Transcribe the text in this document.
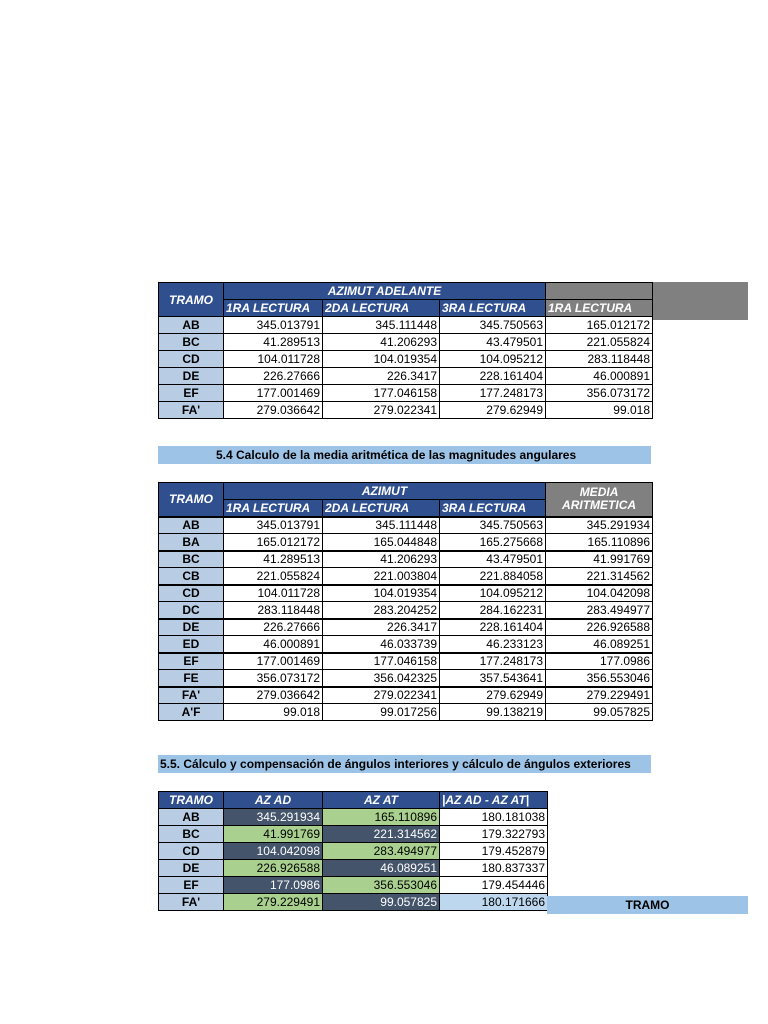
TRAMO	AZIMUT ADELANTE			
	1RA LECTURA	2DA LECTURA	3RA LECTURA	1RA LECTURA
AB	345.013791	345.111448	345.750563	165.012172
BC	41.289513	41.206293	43.479501	221.055824
CD	104.011728	104.019354	104.095212	283.118448
DE	226.27666	226.3417	228.161404	46.000891
EF	177.001469	177.046158	177.248173	356.073172
FA'	279.036642	279.022341	279.62949	99.018
5.4 Calculo de la media aritmética de las magnitudes angulares
TRAMO	AZIMUT			MEDIA ARITMETICA
	1RA LECTURA	2DA LECTURA	3RA LECTURA	
AB	345.013791	345.111448	345.750563	345.291934
BA	165.012172	165.044848	165.275668	165.110896
BC	41.289513	41.206293	43.479501	41.991769
CB	221.055824	221.003804	221.884058	221.314562
CD	104.011728	104.019354	104.095212	104.042098
DC	283.118448	283.204252	284.162231	283.494977
DE	226.27666	226.3417	228.161404	226.926588
ED	46.000891	46.033739	46.233123	46.089251
EF	177.001469	177.046158	177.248173	177.0986
FE	356.073172	356.042325	357.543641	356.553046
FA'	279.036642	279.022341	279.62949	279.229491
A'F	99.018	99.017256	99.138219	99.057825
5.5. Cálculo y compensación de ángulos interiores y cálculo de ángulos exteriores
TRAMO	AZ AD	AZ AT	|AZ AD - AZ AT|
AB	345.291934	165.110896	180.181038
BC	41.991769	221.314562	179.322793
CD	104.042098	283.494977	179.452879
DE	226.926588	46.089251	180.837337
EF	177.0986	356.553046	179.454446
FA'	279.229491	99.057825	180.171666	TRAMO
